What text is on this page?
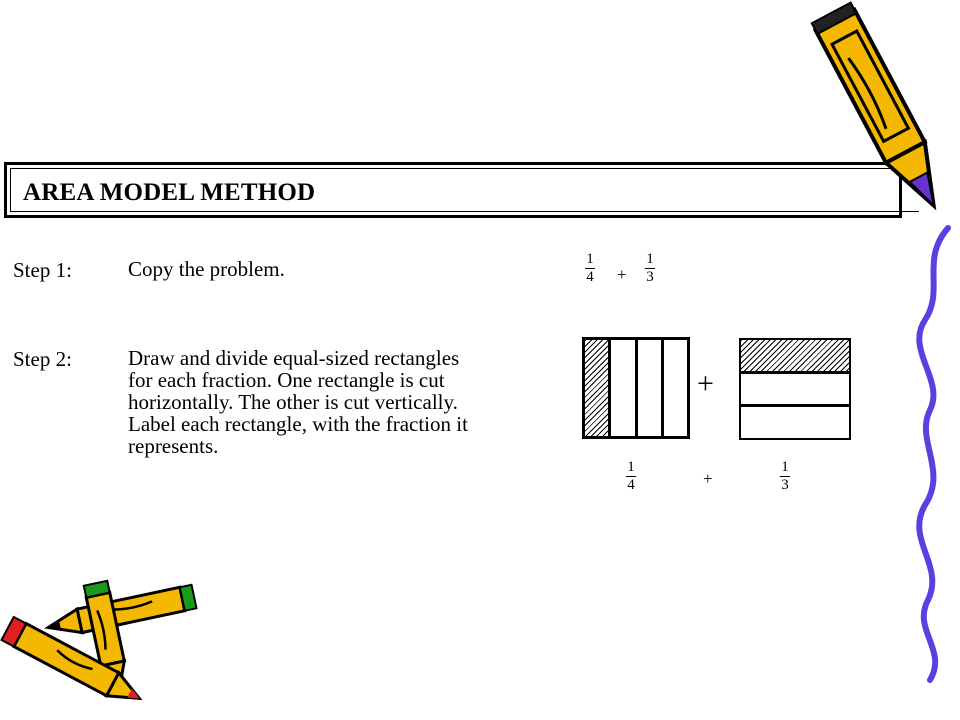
AREA MODEL METHOD
Step 1:	Copy the problem.	1
4 +
1
3
Step 2:	Draw and divide equal-sized rectangles
for each fraction. One rectangle is cut
horizontally. The other is cut vertically.
Label each rectangle, with the fraction it
represents.
+
1
4	+
1
3
